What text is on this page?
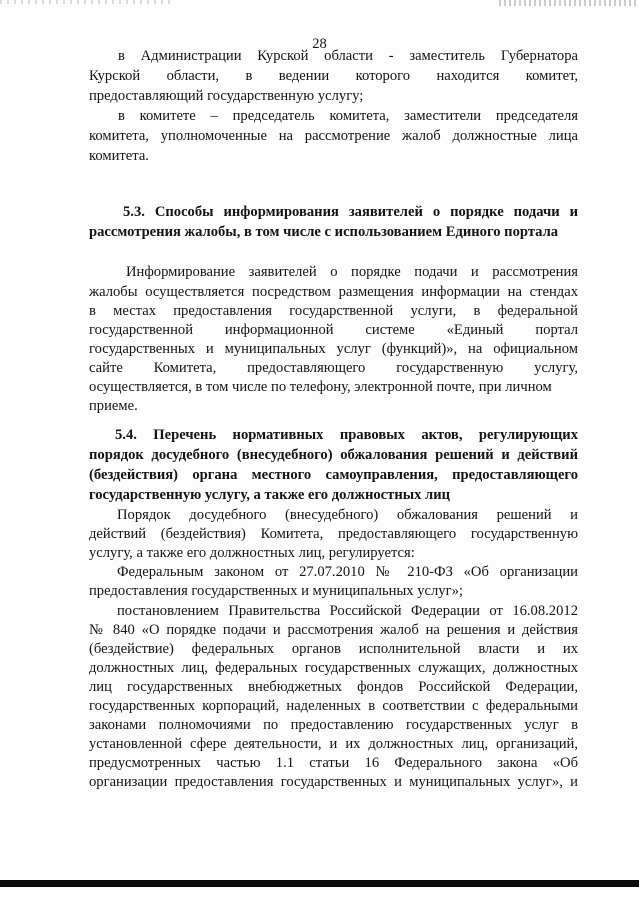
28
в Администрации Курской области - заместитель Губернатора
Курской области, в ведении которого находится комитет,
предоставляющий государственную услугу;
в комитете – председатель комитета, заместители председателя
комитета, уполномоченные на рассмотрение жалоб должностные лица
комитета.
5.3. Способы информирования заявителей о порядке подачи и
рассмотрения жалобы, в том числе с использованием Единого портала
Информирование заявителей о порядке подачи и рассмотрения
жалобы осуществляется посредством размещения информации на стендах
в местах предоставления государственной услуги, в федеральной
государственной информационной системе «Единый портал
государственных и муниципальных услуг (функций)», на официальном
сайте Комитета, предоставляющего государственную услугу,
осуществляется, в том числе по телефону, электронной почте, при личном
приеме.
5.4. Перечень нормативных правовых актов, регулирующих
порядок досудебного (внесудебного) обжалования решений и действий
(бездействия) органа местного самоуправления, предоставляющего
государственную услугу, а также его должностных лиц
Порядок досудебного (внесудебного) обжалования решений и
действий (бездействия) Комитета, предоставляющего государственную
услугу, а также его должностных лиц, регулируется:
Федеральным законом от 27.07.2010 № 210-ФЗ «Об организации
предоставления государственных и муниципальных услуг»;
постановлением Правительства Российской Федерации от 16.08.2012
№ 840 «О порядке подачи и рассмотрения жалоб на решения и действия
(бездействие) федеральных органов исполнительной власти и их
должностных лиц, федеральных государственных служащих, должностных
лиц государственных внебюджетных фондов Российской Федерации,
государственных корпораций, наделенных в соответствии с федеральными
законами полномочиями по предоставлению государственных услуг в
установленной сфере деятельности, и их должностных лиц, организаций,
предусмотренных частью 1.1 статьи 16 Федерального закона «Об
организации предоставления государственных и муниципальных услуг», и
